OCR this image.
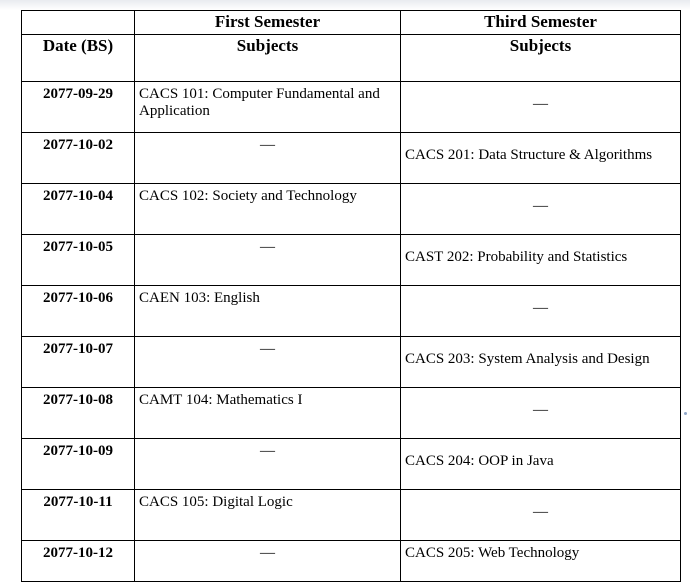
	First Semester	Third Semester
Date (BS)	Subjects	Subjects
2077-09-29	CACS 101: Computer Fundamental and Application	—
2077-10-02	—	CACS 201: Data Structure & Algorithms
2077-10-04	CACS 102: Society and Technology	—
2077-10-05	—	CAST 202: Probability and Statistics
2077-10-06	CAEN 103: English	—
2077-10-07	—	CACS 203: System Analysis and Design
2077-10-08	CAMT 104: Mathematics I	—
2077-10-09	—	CACS 204: OOP in Java
2077-10-11	CACS 105: Digital Logic	—
2077-10-12	—	CACS 205: Web Technology
